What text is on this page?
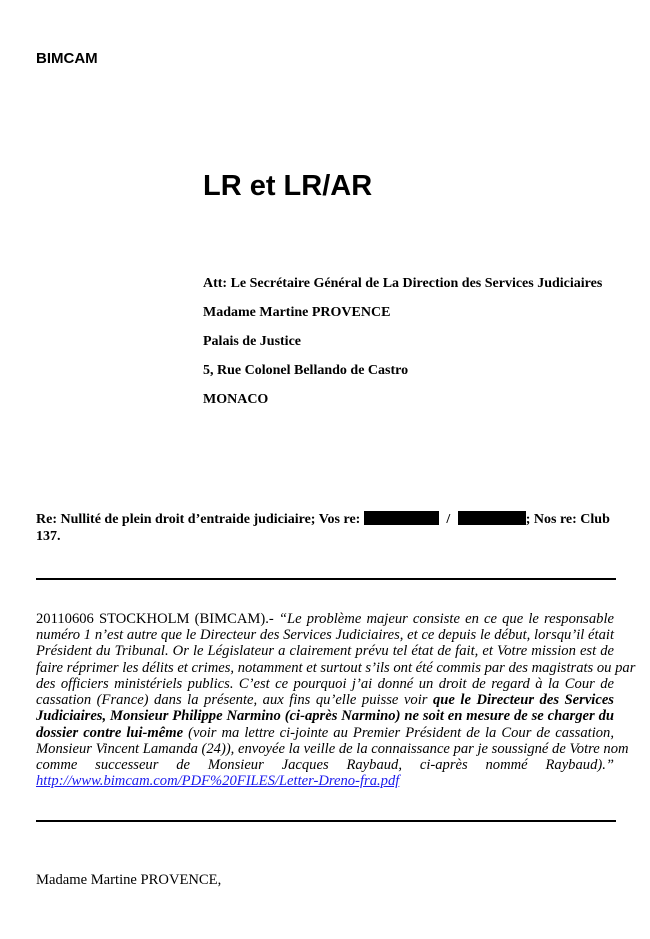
BIMCAM
LR et LR/AR
Att: Le Secrétaire Général de La Direction des Services Judiciaires
Madame Martine PROVENCE
Palais de Justice
5, Rue Colonel Bellando de Castro
MONACO
Re: Nullité de plein droit d’entraide judiciaire; Vos re:	/	; Nos re: Club
137.
20110606 STOCKHOLM (BIMCAM).- “Le problème majeur consiste en ce que le responsable
numéro 1 n’est autre que le Directeur des Services Judiciaires, et ce depuis le début, lorsqu’il était
Président du Tribunal. Or le Législateur a clairement prévu tel état de fait, et Votre mission est de
faire réprimer les délits et crimes, notamment et surtout s’ils ont été commis par des magistrats ou par
des officiers ministériels publics. C’est ce pourquoi j’ai donné un droit de regard à la Cour de
cassation (France) dans la présente, aux fins qu’elle puisse voir que le Directeur des Services
Judiciaires, Monsieur Philippe Narmino (ci-après Narmino) ne soit en mesure de se charger du
dossier contre lui-même (voir ma lettre ci-jointe au Premier Président de la Cour de cassation,
Monsieur Vincent Lamanda (24)), envoyée la veille de la connaissance par je soussigné de Votre nom
comme successeur de Monsieur Jacques Raybaud, ci-après nommé Raybaud).”
http://www.bimcam.com/PDF%20FILES/Letter-Dreno-fra.pdf
Madame Martine PROVENCE,
